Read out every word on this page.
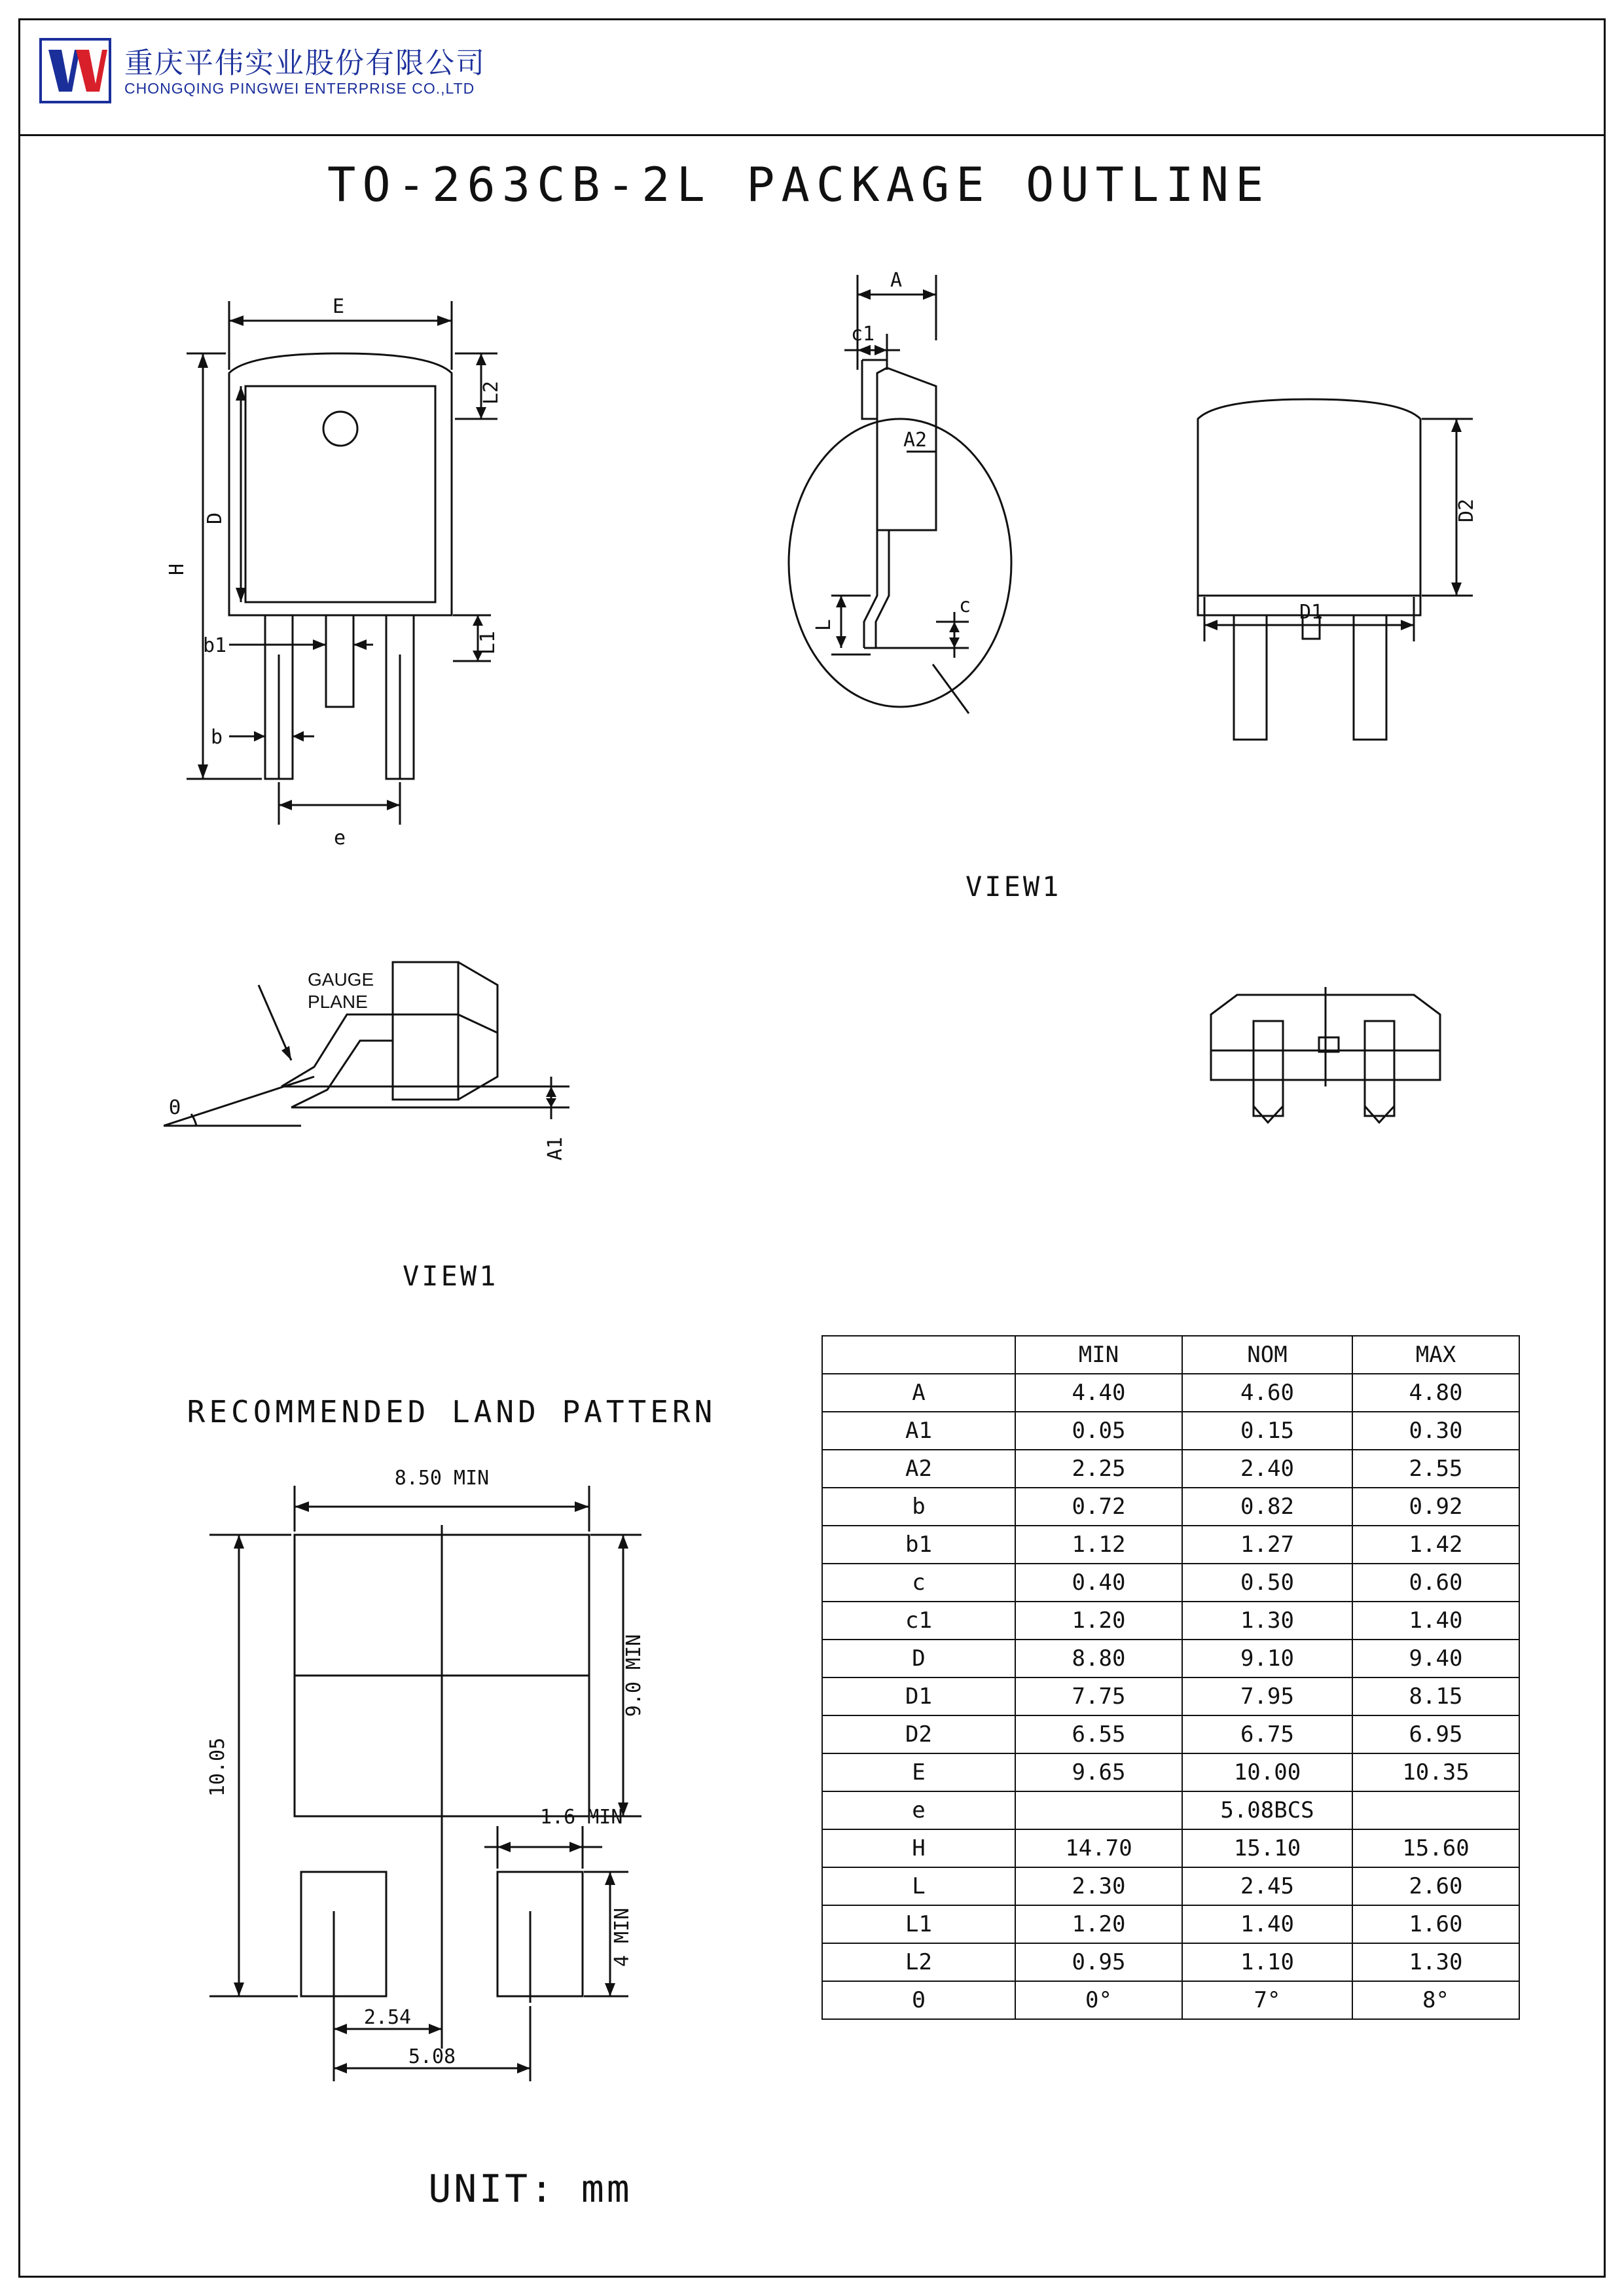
重庆平伟实业股份有限公司
CHONGQING PINGWEI ENTERPRISE CO.,LTD
TO-263CB-2L PACKAGE OUTLINE
E
D
H
L2
L1
b1
b
e
A
c1
A2
c
L
VIEW1
D2
D1
A1
Θ
GAUGE
PLANE
VIEW1
RECOMMENDED LAND PATTERN
8.50 MIN
9.0 MIN
10.05
1.6 MIN
4 MIN
2.54
5.08
UNIT: mm
	MIN	NOM	MAX
A	4.40	4.60	4.80
A1	0.05	0.15	0.30
A2	2.25	2.40	2.55
b	0.72	0.82	0.92
b1	1.12	1.27	1.42
c	0.40	0.50	0.60
c1	1.20	1.30	1.40
D	8.80	9.10	9.40
D1	7.75	7.95	8.15
D2	6.55	6.75	6.95
E	9.65	10.00	10.35
e		5.08BCS	
H	14.70	15.10	15.60
L	2.30	2.45	2.60
L1	1.20	1.40	1.60
L2	0.95	1.10	1.30
Θ	0°	7°	8°
